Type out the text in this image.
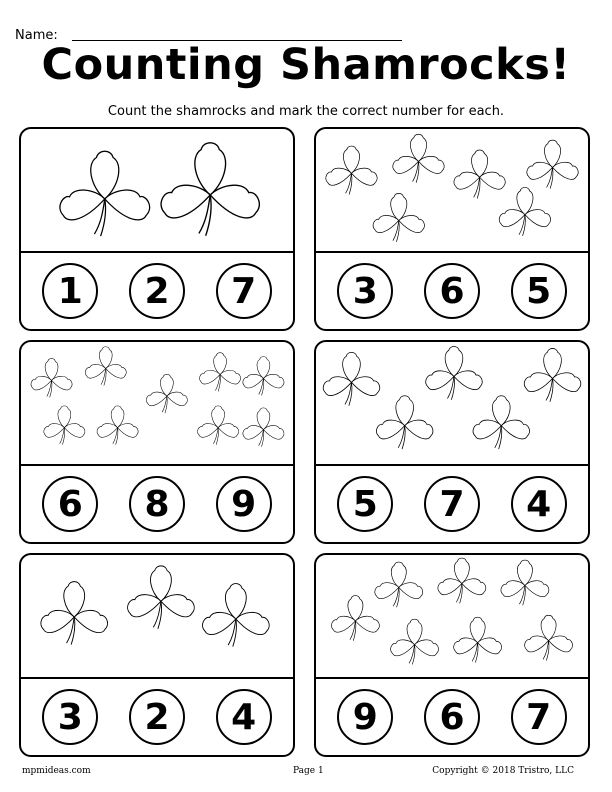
Name:
Counting Shamrocks!
Count the shamrocks and mark the correct number for each.
1	2	7	3	6	5
6	8	9	5	7	4
3	2	4	9	6	7
mpmideas.com	Page 1	Copyright © 2018 Tristro, LLC
